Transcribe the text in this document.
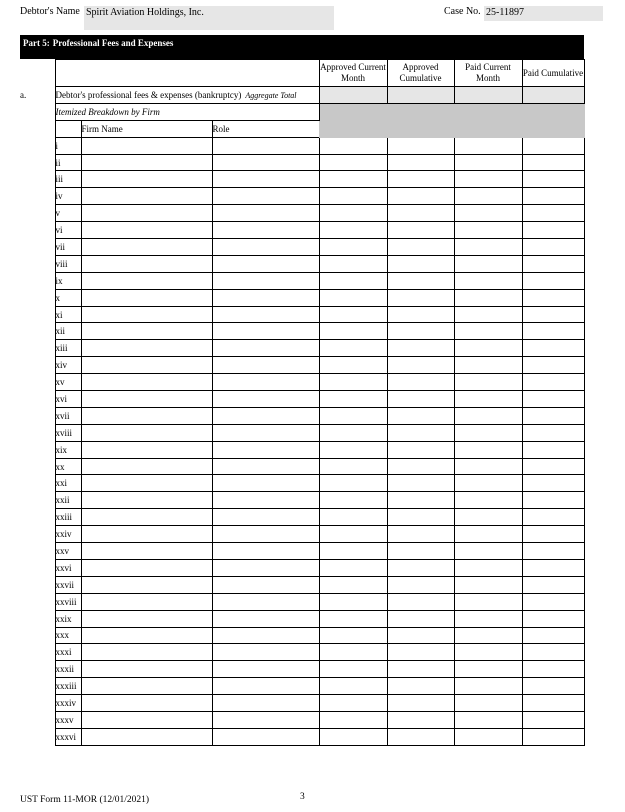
Debtor's Name Spirit Aviation Holdings, Inc.	Case No. 25-11897
Part 5: Professional Fees and Expenses
				Approved Current Month	Approved Cumulative	Paid Current Month	Paid Cumulative
a.	Debtor's professional fees & expenses (bankruptcy) Aggregate Total						
	Itemized Breakdown by Firm						
		Firm Name	Role				
	i						
	ii						
	iii						
	iv						
	v						
	vi						
	vii						
	viii						
	ix						
	x						
	xi						
	xii						
	xiii						
	xiv						
	xv						
	xvi						
	xvii						
	xviii						
	xix						
	xx						
	xxi						
	xxii						
	xxiii						
	xxiv						
	xxv						
	xxvi						
	xxvii						
	xxviii						
	xxix						
	xxx						
	xxxi						
	xxxii						
	xxxiii						
	xxxiv						
	xxxv						
	xxxvi						
UST Form 11-MOR (12/01/2021)	3
